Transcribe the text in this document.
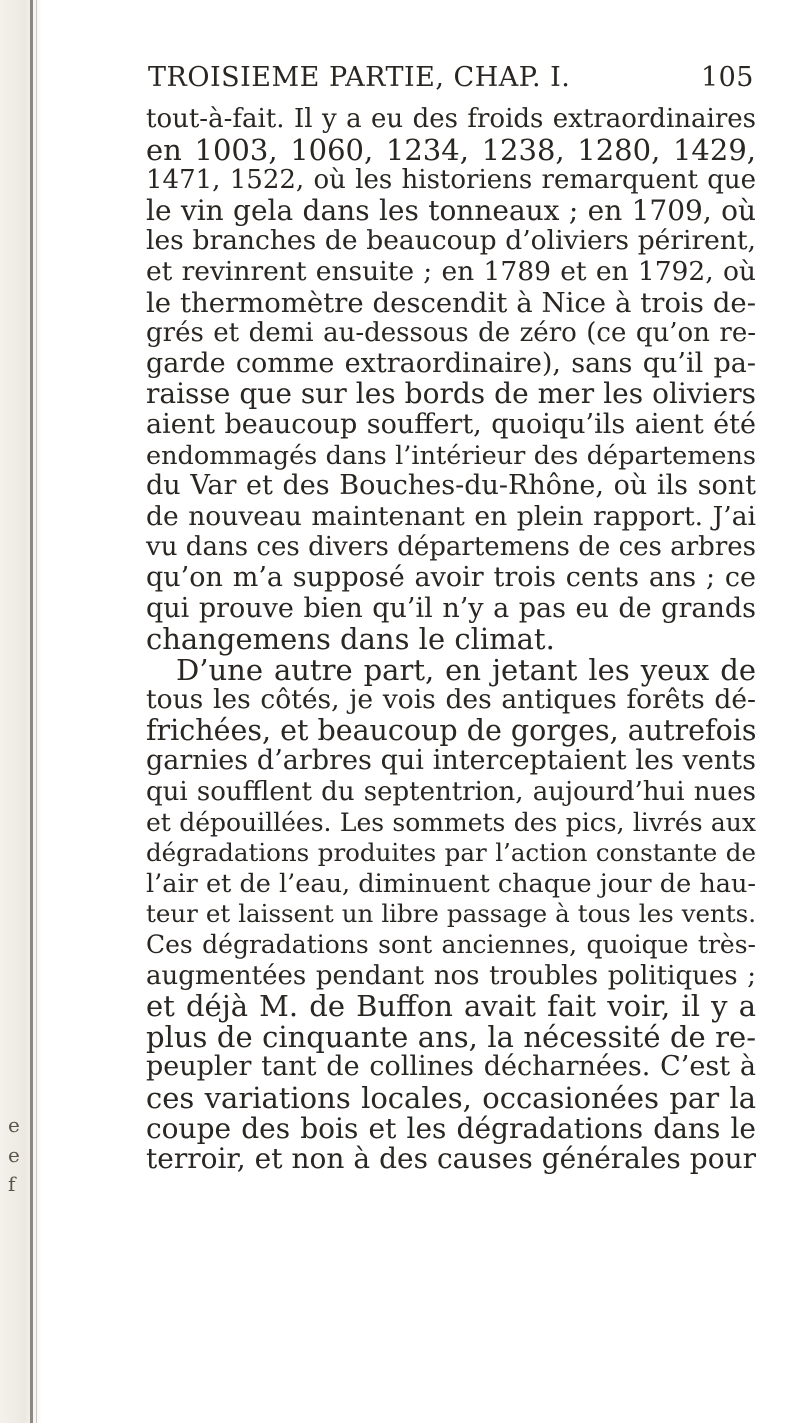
e
e
f
TROISIEME PARTIE, CHAP. I.	105
tout-à-fait. Il y a eu des froids extraordinaires
en 1003, 1060, 1234, 1238, 1280, 1429,
1471, 1522, où les historiens remarquent que
le vin gela dans les tonneaux ; en 1709, où
les branches de beaucoup d’oliviers périrent,
et revinrent ensuite ; en 1789 et en 1792, où
le thermomètre descendit à Nice à trois de-
grés et demi au-dessous de zéro (ce qu’on re-
garde comme extraordinaire), sans qu’il pa-
raisse que sur les bords de mer les oliviers
aient beaucoup souffert, quoiqu’ils aient été
endommagés dans l’intérieur des départemens
du Var et des Bouches-du-Rhône, où ils sont
de nouveau maintenant en plein rapport. J’ai
vu dans ces divers départemens de ces arbres
qu’on m’a supposé avoir trois cents ans ; ce
qui prouve bien qu’il n’y a pas eu de grands
changemens dans le climat.
D’une autre part, en jetant les yeux de
tous les côtés, je vois des antiques forêts dé-
frichées, et beaucoup de gorges, autrefois
garnies d’arbres qui interceptaient les vents
qui soufflent du septentrion, aujourd’hui nues
et dépouillées. Les sommets des pics, livrés aux
dégradations produites par l’action constante de
l’air et de l’eau, diminuent chaque jour de hau-
teur et laissent un libre passage à tous les vents.
Ces dégradations sont anciennes, quoique très-
augmentées pendant nos troubles politiques ;
et déjà M. de Buffon avait fait voir, il y a
plus de cinquante ans, la nécessité de re-
peupler tant de collines décharnées. C’est à
ces variations locales, occasionées par la
coupe des bois et les dégradations dans le
terroir, et non à des causes générales pour
